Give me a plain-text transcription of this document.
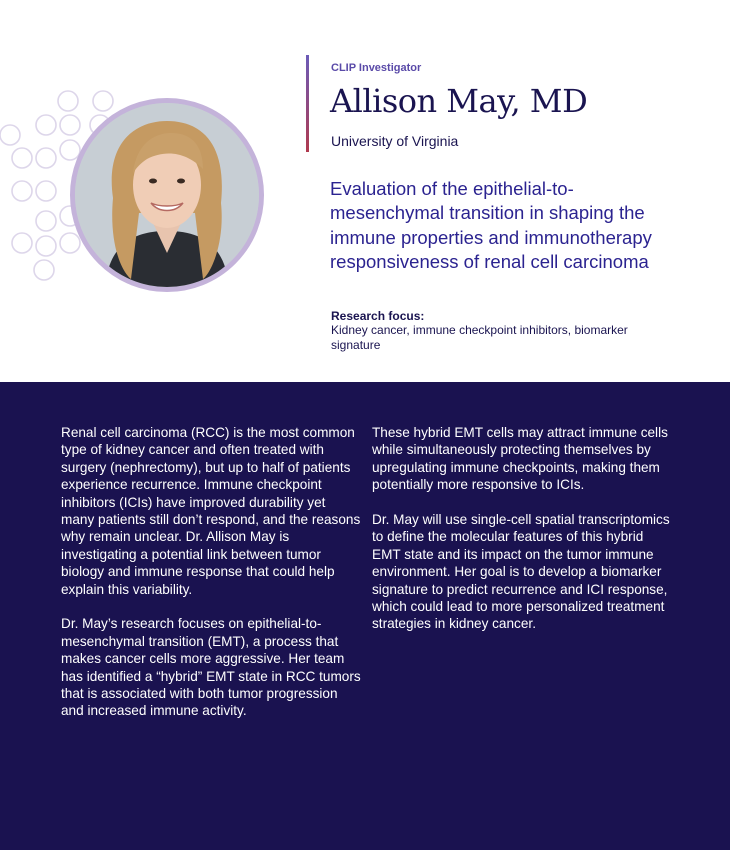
CLIP Investigator
Allison May, MD
University of Virginia
Evaluation of the epithelial-to-mesenchymal transition in shaping the immune properties and immunotherapy responsiveness of renal cell carcinoma
Research focus:
Kidney cancer, immune checkpoint inhibitors, biomarker signature

Renal cell carcinoma (RCC) is the most common type of kidney cancer and often treated with surgery (nephrectomy), but up to half of patients experience recurrence. Immune checkpoint inhibitors (ICIs) have improved durability yet many patients still don’t respond, and the reasons why remain unclear. Dr. Allison May is investigating a potential link between tumor biology and immune response that could help explain this variability.

Dr. May’s research focuses on epithelial-to-mesenchymal transition (EMT), a process that makes cancer cells more aggressive. Her team has identified a “hybrid” EMT state in RCC tumors that is associated with both tumor progression and increased immune activity.

These hybrid EMT cells may attract immune cells while simultaneously protecting themselves by upregulating immune checkpoints, making them potentially more responsive to ICIs.

Dr. May will use single-cell spatial transcriptomics to define the molecular features of this hybrid EMT state and its impact on the tumor immune environment. Her goal is to develop a biomarker signature to predict recurrence and ICI response, which could lead to more personalized treatment strategies in kidney cancer.
